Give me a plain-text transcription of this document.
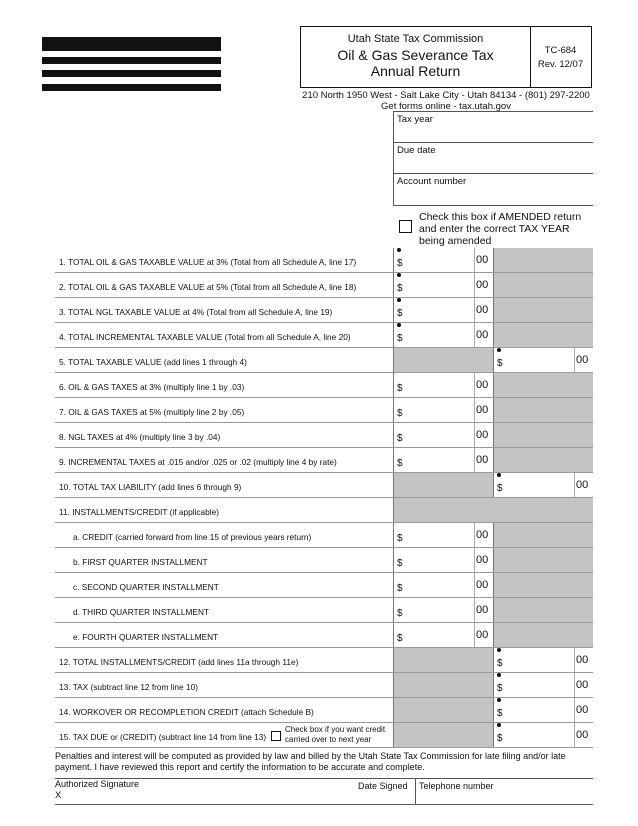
Utah State Tax Commission
Oil & Gas Severance Tax
Annual Return
TC-684
Rev. 12/07
210 North 1950 West - Salt Lake City - Utah 84134 - (801) 297-2200
Get forms online - tax.utah.gov
Tax year
Due date
Account number
Check this box if AMENDED return
and enter the correct TAX YEAR
being amended
1. TOTAL OIL & GAS TAXABLE VALUE at 3% (Total from all Schedule A, line 17)	$	00
2. TOTAL OIL & GAS TAXABLE VALUE at 5% (Total from all Schedule A, line 18)	$	00
3. TOTAL NGL TAXABLE VALUE at 4% (Total from all Schedule A, line 19)	$	00
4. TOTAL INCREMENTAL TAXABLE VALUE (Total from all Schedule A, line 20)	$	00
5. TOTAL TAXABLE VALUE (add lines 1 through 4)	$	00
6. OIL & GAS TAXES at 3% (multiply line 1 by .03)	$	00
7. OIL & GAS TAXES at 5% (multiply line 2 by .05)	$	00
8. NGL TAXES at 4% (multiply line 3 by .04)	$	00
9. INCREMENTAL TAXES at .015 and/or .025 or .02 (multiply line 4 by rate)	$	00
10. TOTAL TAX LIABILITY (add lines 6 through 9)	$	00
11. INSTALLMENTS/CREDIT (if applicable)
a. CREDIT (carried forward from line 15 of previous years return)	$	00
b. FIRST QUARTER INSTALLMENT	$	00
c. SECOND QUARTER INSTALLMENT	$	00
d. THIRD QUARTER INSTALLMENT	$	00
e. FOURTH QUARTER INSTALLMENT	$	00
12. TOTAL INSTALLMENTS/CREDIT (add lines 11a through 11e)	$	00
13. TAX (subtract line 12 from line 10)	$	00
14. WORKOVER OR RECOMPLETION CREDIT (attach Schedule B)	$	00
15. TAX DUE or (CREDIT) (subtract line 14 from line 13)
Check box if you want credit
carried over to next year	$	00
Penalties and interest will be computed as provided by law and billed by the Utah State Tax Commission for late filing and/or late
payment. I have reviewed this report and certify the information to be accurate and complete.
Authorized Signature
X
Date Signed	Telephone number
